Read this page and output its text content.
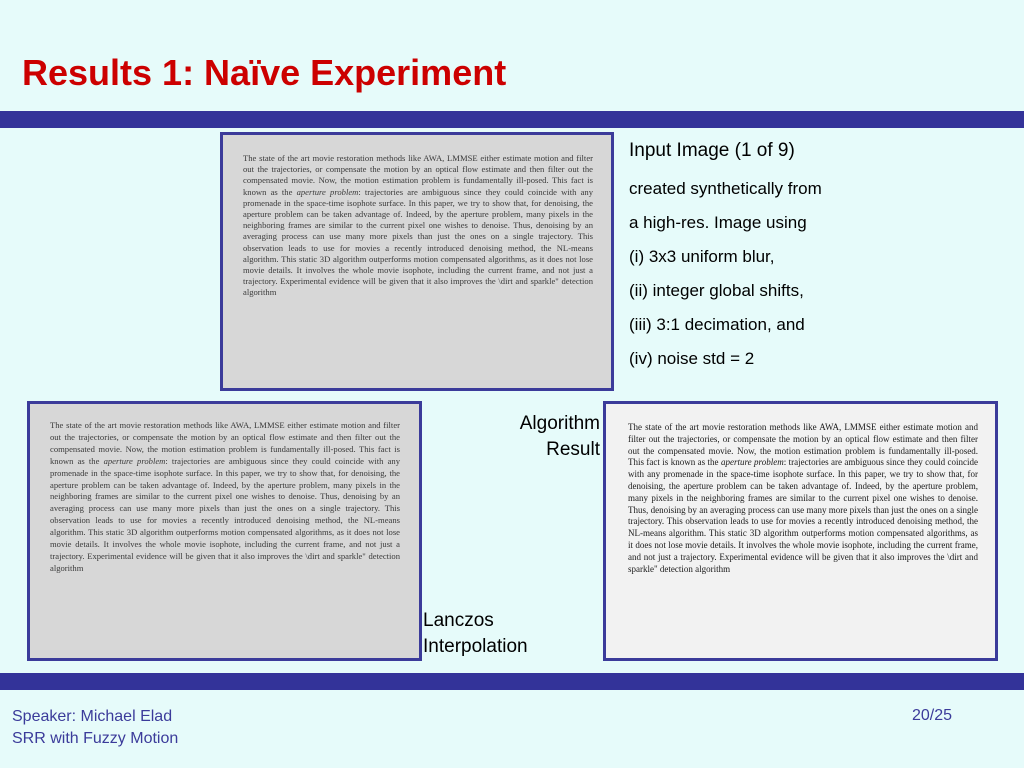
Results 1: Naïve Experiment

The state of the art movie restoration methods like AWA, LMMSE either estimate motion and filter out the trajectories, or compensate the motion by an optical flow estimate and then filter out the compensated movie. Now, the motion estimation problem is fundamentally ill-posed. This fact is known as the aperture problem: trajectories are ambiguous since they could coincide with any promenade in the space-time isophote surface. In this paper, we try to show that, for denoising, the aperture problem can be taken advantage of. Indeed, by the aperture problem, many pixels in the neighboring frames are similar to the current pixel one wishes to denoise. Thus, denoising by an averaging process can use many more pixels than just the ones on a single trajectory. This observation leads to use for movies a recently introduced denoising method, the NL-means algorithm. This static 3D algorithm outperforms motion compensated algorithms, as it does not lose movie details. It involves the whole movie isophote, including the current frame, and not just a trajectory. Experimental evidence will be given that it also improves the \dirt and sparkle" detection algorithm

Input Image (1 of 9)
created synthetically from
a high-res. Image using
(i) 3x3 uniform blur,
(ii) integer global shifts,
(iii) 3:1 decimation, and
(iv) noise std = 2

The state of the art movie restoration methods like AWA, LMMSE either estimate motion and filter out the trajectories, or compensate the motion by an optical flow estimate and then filter out the compensated movie. Now, the motion estimation problem is fundamentally ill-posed. This fact is known as the aperture problem: trajectories are ambiguous since they could coincide with any promenade in the space-time isophote surface. In this paper, we try to show that, for denoising, the aperture problem can be taken advantage of. Indeed, by the aperture problem, many pixels in the neighboring frames are similar to the current pixel one wishes to denoise. Thus, denoising by an averaging process can use many more pixels than just the ones on a single trajectory. This observation leads to use for movies a recently introduced denoising method, the NL-means algorithm. This static 3D algorithm outperforms motion compensated algorithms, as it does not lose movie details. It involves the whole movie isophote, including the current frame, and not just a trajectory. Experimental evidence will be given that it also improves the \dirt and sparkle" detection algorithm

Algorithm
Result

The state of the art movie restoration methods like AWA, LMMSE either estimate motion and filter out the trajectories, or compensate the motion by an optical flow estimate and then filter out the compensated movie. Now, the motion estimation problem is fundamentally ill-posed. This fact is known as the aperture problem: trajectories are ambiguous since they could coincide with any promenade in the space-time isophote surface. In this paper, we try to show that, for denoising, the aperture problem can be taken advantage of. Indeed, by the aperture problem, many pixels in the neighboring frames are similar to the current pixel one wishes to denoise. Thus, denoising by an averaging process can use many more pixels than just the ones on a single trajectory. This observation leads to use for movies a recently introduced denoising method, the NL-means algorithm. This static 3D algorithm outperforms motion compensated algorithms, as it does not lose movie details. It involves the whole movie isophote, including the current frame, and not just a trajectory. Experimental evidence will be given that it also improves the \dirt and sparkle" detection algorithm

Lanczos
Interpolation
Speaker: Michael Elad
SRR with Fuzzy Motion
20/25
